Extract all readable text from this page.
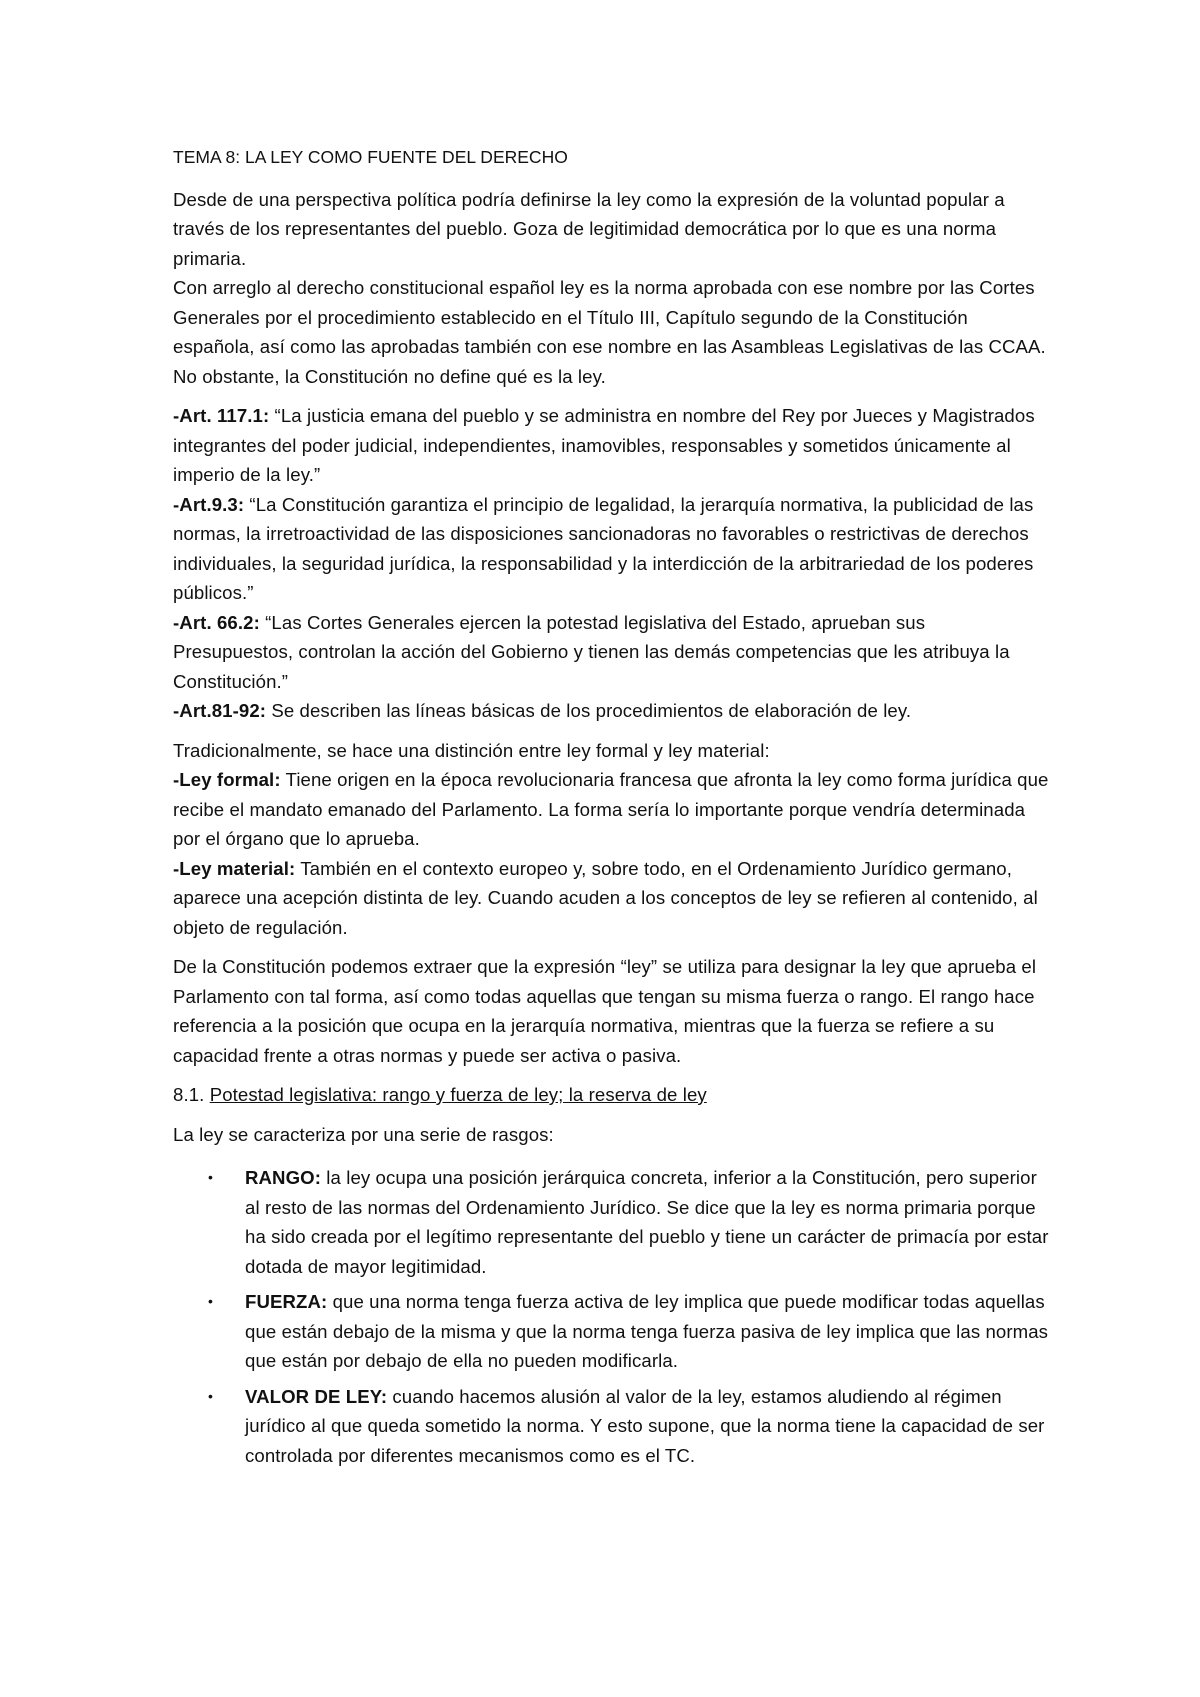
TEMA 8: LA LEY COMO FUENTE DEL DERECHO

Desde de una perspectiva política podría definirse la ley como la expresión de la voluntad popular a través de los representantes del pueblo. Goza de legitimidad democrática por lo que es una norma primaria.

Con arreglo al derecho constitucional español ley es la norma aprobada con ese nombre por las Cortes Generales por el procedimiento establecido en el Título III, Capítulo segundo de la Constitución española, así como las aprobadas también con ese nombre en las Asambleas Legislativas de las CCAA. No obstante, la Constitución no define qué es la ley.

-Art. 117.1: “La justicia emana del pueblo y se administra en nombre del Rey por Jueces y Magistrados integrantes del poder judicial, independientes, inamovibles, responsables y sometidos únicamente al imperio de la ley.”

-Art.9.3: “La Constitución garantiza el principio de legalidad, la jerarquía normativa, la publicidad de las normas, la irretroactividad de las disposiciones sancionadoras no favorables o restrictivas de derechos individuales, la seguridad jurídica, la responsabilidad y la interdicción de la arbitrariedad de los poderes públicos.”

-Art. 66.2: “Las Cortes Generales ejercen la potestad legislativa del Estado, aprueban sus Presupuestos, controlan la acción del Gobierno y tienen las demás competencias que les atribuya la Constitución.”

-Art.81-92: Se describen las líneas básicas de los procedimientos de elaboración de ley.

Tradicionalmente, se hace una distinción entre ley formal y ley material:

-Ley formal: Tiene origen en la época revolucionaria francesa que afronta la ley como forma jurídica que recibe el mandato emanado del Parlamento. La forma sería lo importante porque vendría determinada por el órgano que lo aprueba.

-Ley material: También en el contexto europeo y, sobre todo, en el Ordenamiento Jurídico germano, aparece una acepción distinta de ley. Cuando acuden a los conceptos de ley se refieren al contenido, al objeto de regulación.

De la Constitución podemos extraer que la expresión “ley” se utiliza para designar la ley que aprueba el Parlamento con tal forma, así como todas aquellas que tengan su misma fuerza o rango. El rango hace referencia a la posición que ocupa en la jerarquía normativa, mientras que la fuerza se refiere a su capacidad frente a otras normas y puede ser activa o pasiva.

8.1. Potestad legislativa: rango y fuerza de ley; la reserva de ley

La ley se caracteriza por una serie de rasgos:

• RANGO: la ley ocupa una posición jerárquica concreta, inferior a la Constitución, pero superior al resto de las normas del Ordenamiento Jurídico. Se dice que la ley es norma primaria porque ha sido creada por el legítimo representante del pueblo y tiene un carácter de primacía por estar dotada de mayor legitimidad.
• FUERZA: que una norma tenga fuerza activa de ley implica que puede modificar todas aquellas que están debajo de la misma y que la norma tenga fuerza pasiva de ley implica que las normas que están por debajo de ella no pueden modificarla.
• VALOR DE LEY: cuando hacemos alusión al valor de la ley, estamos aludiendo al régimen jurídico al que queda sometido la norma. Y esto supone, que la norma tiene la capacidad de ser controlada por diferentes mecanismos como es el TC.
